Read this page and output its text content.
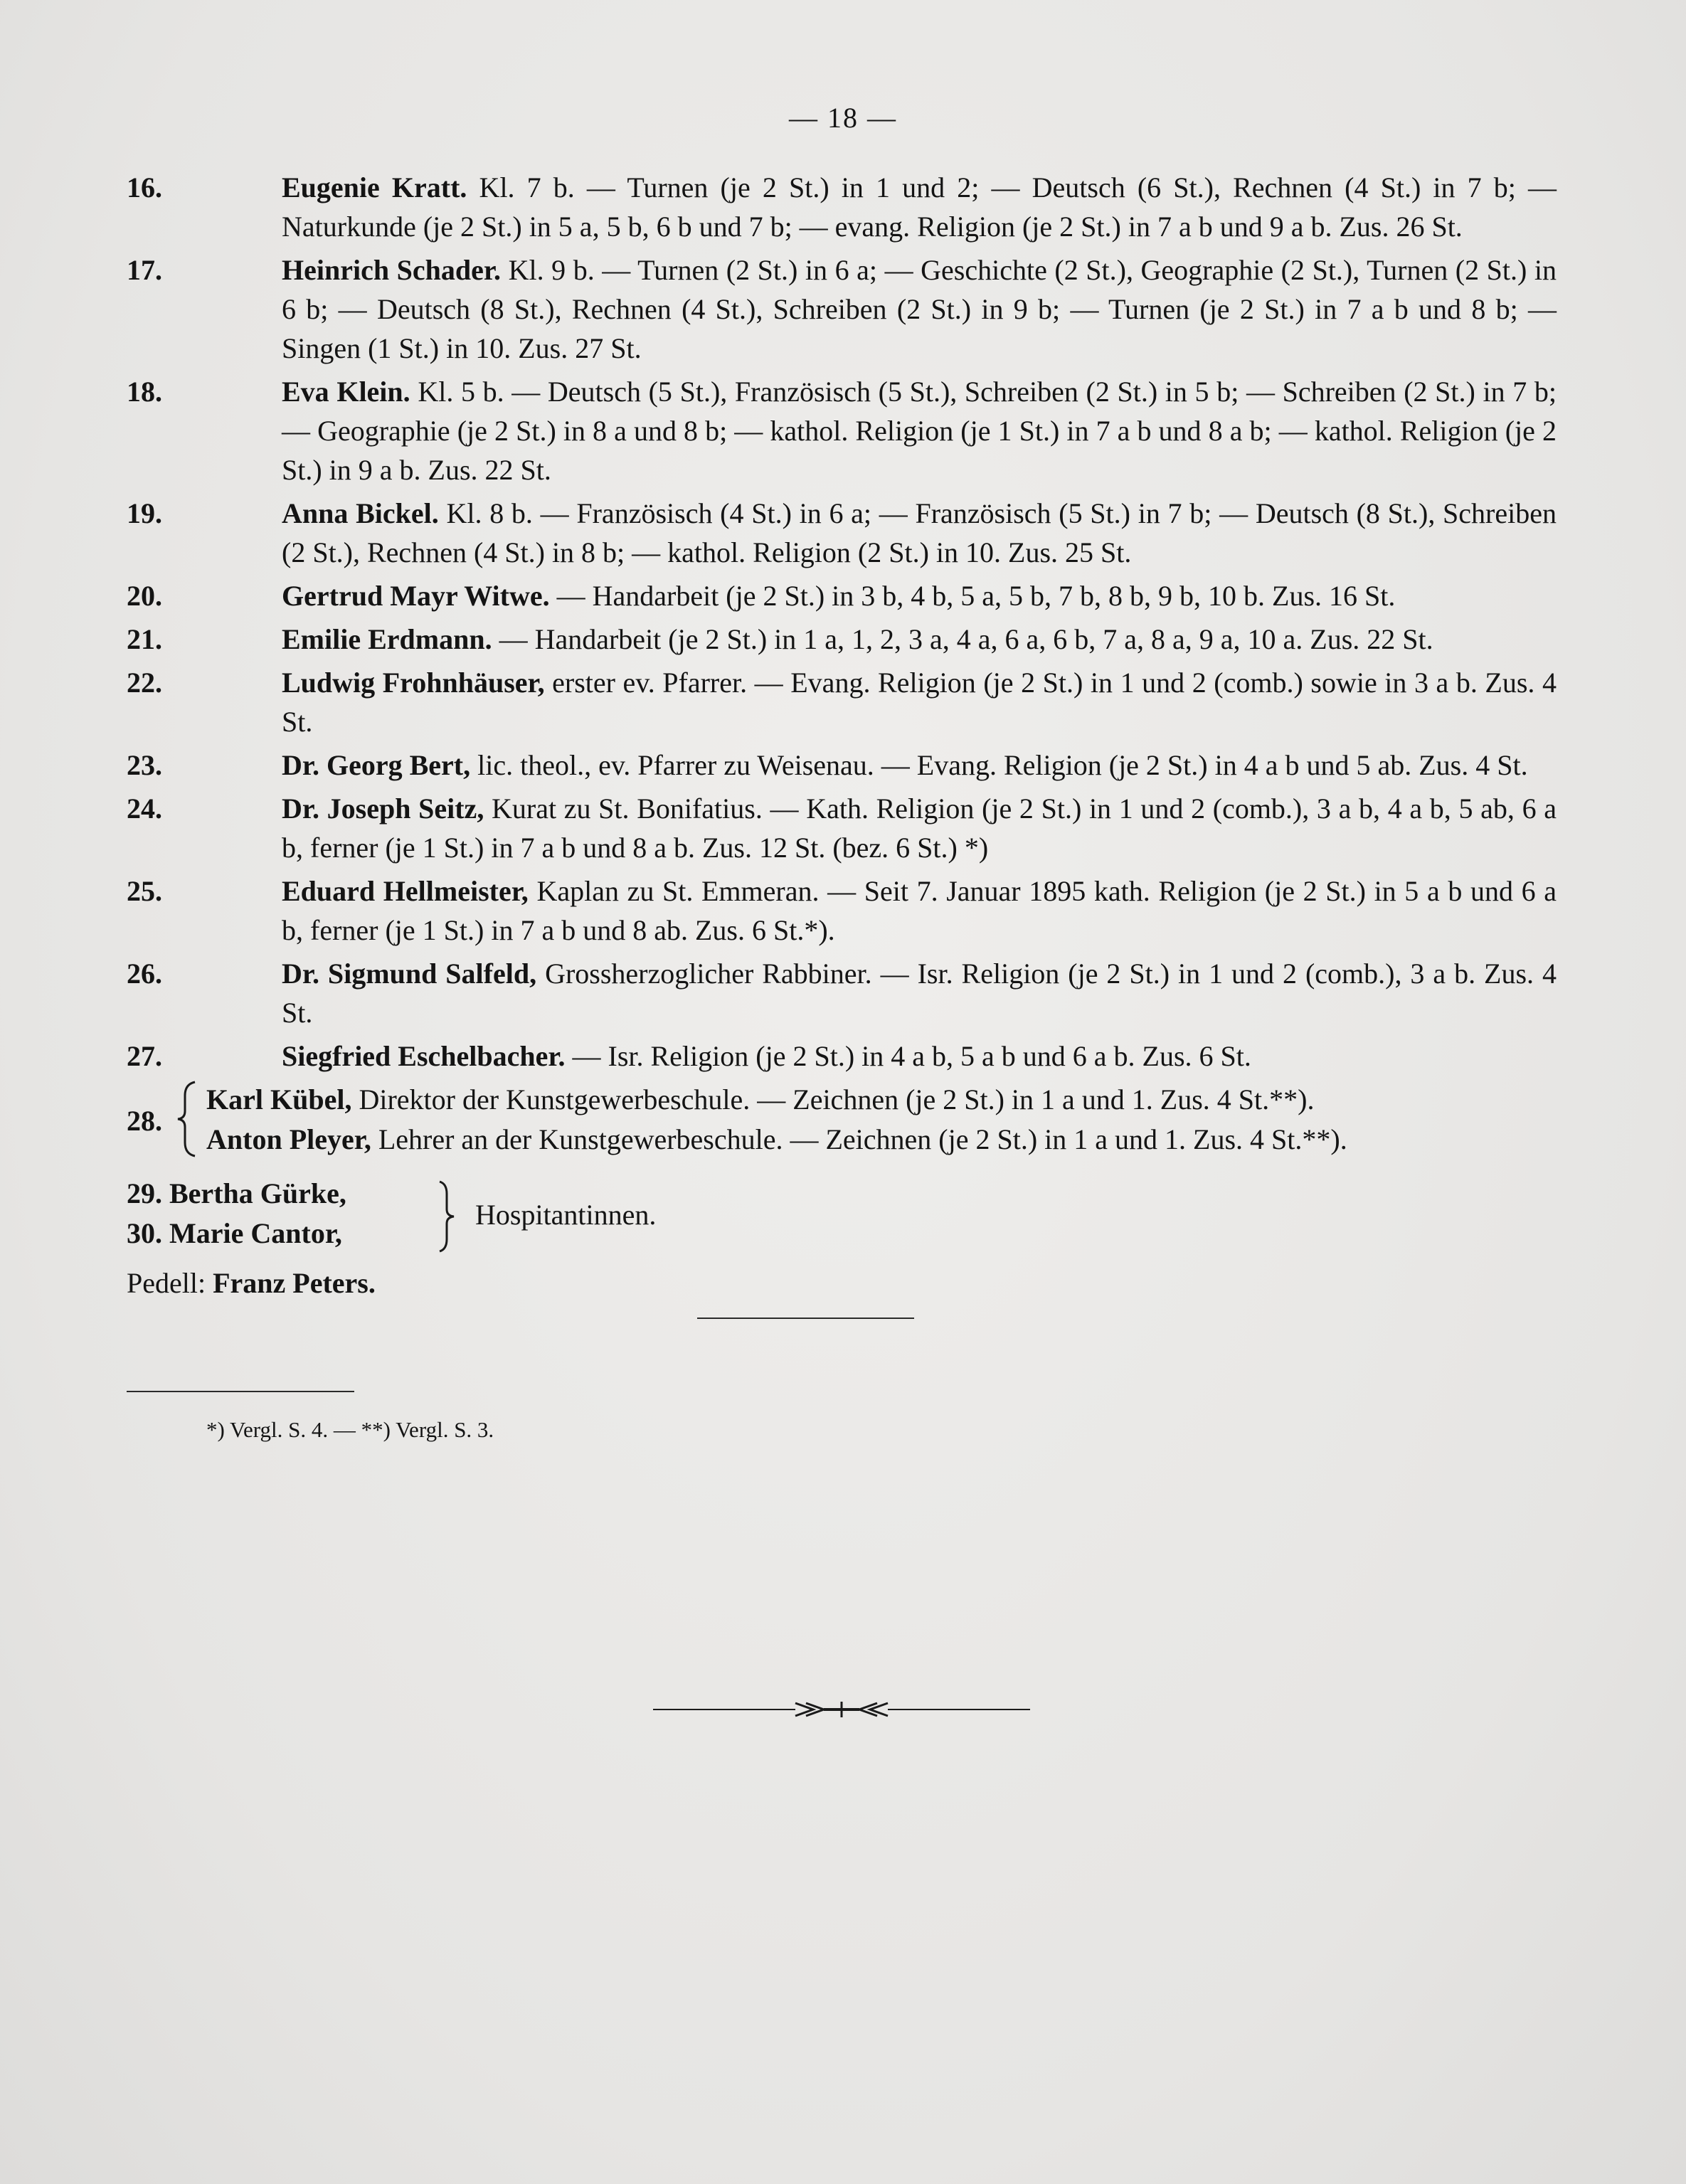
— 18 —
16.	Eugenie Kratt. Kl. 7 b. — Turnen (je 2 St.) in 1 und 2; — Deutsch (6 St.), Rechnen (4 St.) in 7 b; — Naturkunde (je 2 St.) in 5 a, 5 b, 6 b und 7 b; — evang. Religion (je 2 St.) in 7 a b und 9 a b. Zus. 26 St.
17.	Heinrich Schader. Kl. 9 b. — Turnen (2 St.) in 6 a; — Geschichte (2 St.), Geographie (2 St.), Turnen (2 St.) in 6 b; — Deutsch (8 St.), Rechnen (4 St.), Schreiben (2 St.) in 9 b; — Turnen (je 2 St.) in 7 a b und 8 b; — Singen (1 St.) in 10. Zus. 27 St.
18.	Eva Klein. Kl. 5 b. — Deutsch (5 St.), Französisch (5 St.), Schreiben (2 St.) in 5 b; — Schreiben (2 St.) in 7 b; — Geographie (je 2 St.) in 8 a und 8 b; — kathol. Religion (je 1 St.) in 7 a b und 8 a b; — kathol. Religion (je 2 St.) in 9 a b. Zus. 22 St.
19.	Anna Bickel. Kl. 8 b. — Französisch (4 St.) in 6 a; — Französisch (5 St.) in 7 b; — Deutsch (8 St.), Schreiben (2 St.), Rechnen (4 St.) in 8 b; — kathol. Religion (2 St.) in 10. Zus. 25 St.
20.	Gertrud Mayr Witwe. — Handarbeit (je 2 St.) in 3 b, 4 b, 5 a, 5 b, 7 b, 8 b, 9 b, 10 b. Zus. 16 St.
21.	Emilie Erdmann. — Handarbeit (je 2 St.) in 1 a, 1, 2, 3 a, 4 a, 6 a, 6 b, 7 a, 8 a, 9 a, 10 a. Zus. 22 St.
22.	Ludwig Frohnhäuser, erster ev. Pfarrer. — Evang. Religion (je 2 St.) in 1 und 2 (comb.) sowie in 3 a b. Zus. 4 St.
23.	Dr. Georg Bert, lic. theol., ev. Pfarrer zu Weisenau. — Evang. Religion (je 2 St.) in 4 a b und 5 ab. Zus. 4 St.
24.	Dr. Joseph Seitz, Kurat zu St. Bonifatius. — Kath. Religion (je 2 St.) in 1 und 2 (comb.), 3 a b, 4 a b, 5 ab, 6 a b, ferner (je 1 St.) in 7 a b und 8 a b. Zus. 12 St. (bez. 6 St.) *)
25.	Eduard Hellmeister, Kaplan zu St. Emmeran. — Seit 7. Januar 1895 kath. Religion (je 2 St.) in 5 a b und 6 a b, ferner (je 1 St.) in 7 a b und 8 ab. Zus. 6 St.*).
26.	Dr. Sigmund Salfeld, Grossherzoglicher Rabbiner. — Isr. Religion (je 2 St.) in 1 und 2 (comb.), 3 a b. Zus. 4 St.
27.	Siegfried Eschelbacher. — Isr. Religion (je 2 St.) in 4 a b, 5 a b und 6 a b. Zus. 6 St.
28.
Karl Kübel, Direktor der Kunstgewerbeschule. — Zeichnen (je 2 St.) in 1 a und 1. Zus. 4 St.**).
Anton Pleyer, Lehrer an der Kunstgewerbeschule. — Zeichnen (je 2 St.) in 1 a und 1. Zus. 4 St.**).
29. Bertha Gürke,
30. Marie Cantor,
Hospitantinnen.
Pedell: Franz Peters.
*) Vergl. S. 4. — **) Vergl. S. 3.
